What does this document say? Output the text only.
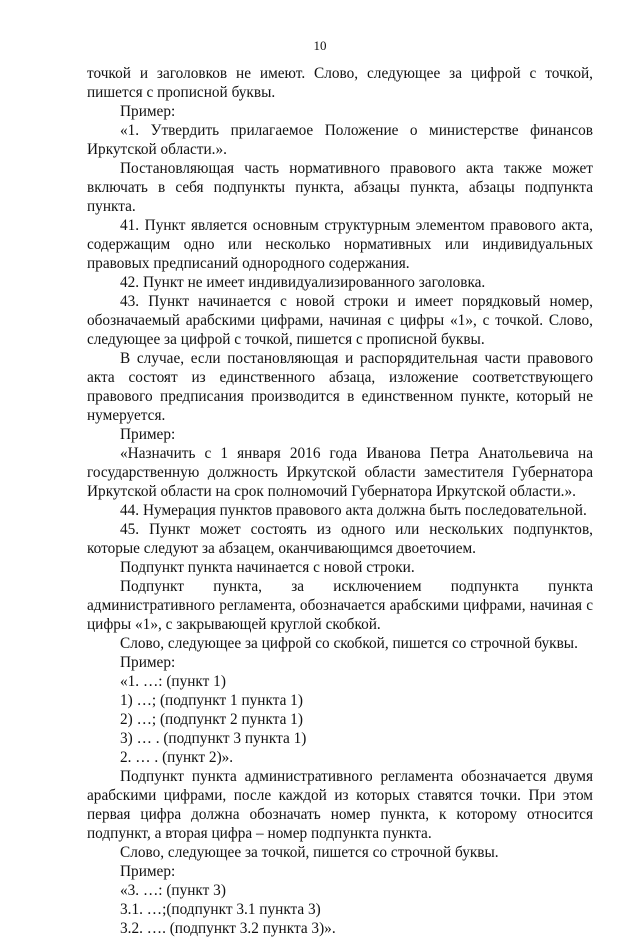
10

точкой и заголовков не имеют. Слово, следующее за цифрой с точкой, пишется с прописной буквы.

Пример:

«1. Утвердить прилагаемое Положение о министерстве финансов Иркутской области.».

Постановляющая часть нормативного правового акта также может включать в себя подпункты пункта, абзацы пункта, абзацы подпункта пункта.

41. Пункт является основным структурным элементом правового акта, содержащим одно или несколько нормативных или индивидуальных правовых предписаний однородного содержания.

42. Пункт не имеет индивидуализированного заголовка.

43. Пункт начинается с новой строки и имеет порядковый номер, обозначаемый арабскими цифрами, начиная с цифры «1», с точкой. Слово, следующее за цифрой с точкой, пишется с прописной буквы.

В случае, если постановляющая и распорядительная части правового акта состоят из единственного абзаца, изложение соответствующего правового предписания производится в единственном пункте, который не нумеруется.

Пример:

«Назначить с 1 января 2016 года Иванова Петра Анатольевича на государственную должность Иркутской области заместителя Губернатора Иркутской области на срок полномочий Губернатора Иркутской области.».

44. Нумерация пунктов правового акта должна быть последовательной.

45. Пункт может состоять из одного или нескольких подпунктов, которые следуют за абзацем, оканчивающимся двоеточием.

Подпункт пункта начинается с новой строки.

Подпункт пункта, за исключением подпункта пункта административного регламента, обозначается арабскими цифрами, начиная с цифры «1», с закрывающей круглой скобкой.

Слово, следующее за цифрой со скобкой, пишется со строчной буквы.

Пример:

«1. …: (пункт 1)

1) …; (подпункт 1 пункта 1)

2) …; (подпункт 2 пункта 1)

3) … . (подпункт 3 пункта 1)

2. … . (пункт 2)».

Подпункт пункта административного регламента обозначается двумя арабскими цифрами, после каждой из которых ставятся точки. При этом первая цифра должна обозначать номер пункта, к которому относится подпункт, а вторая цифра – номер подпункта пункта.

Слово, следующее за точкой, пишется со строчной буквы.

Пример:

«3. …: (пункт 3)

3.1. …;(подпункт 3.1 пункта 3)

3.2. …. (подпункт 3.2 пункта 3)».
